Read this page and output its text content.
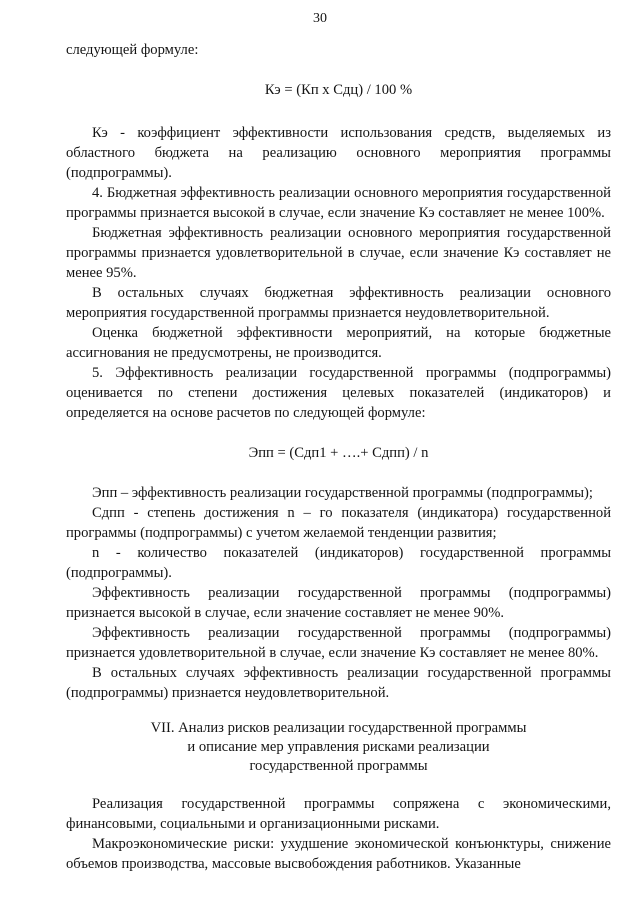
30

следующей формуле:

Кэ = (Кп х Сдц) / 100 %

Кэ - коэффициент эффективности использования средств, выделяемых из областного бюджета на реализацию основного мероприятия программы (подпрограммы).

4. Бюджетная эффективность реализации основного мероприятия государственной программы признается высокой в случае, если значение Кэ составляет не менее 100%.

Бюджетная эффективность реализации основного мероприятия государственной программы признается удовлетворительной в случае, если значение Кэ составляет не менее 95%.

В остальных случаях бюджетная эффективность реализации основного мероприятия государственной программы признается неудовлетворительной.

Оценка бюджетной эффективности мероприятий, на которые бюджетные ассигнования не предусмотрены, не производится.

5. Эффективность реализации государственной программы (подпрограммы) оценивается по степени достижения целевых показателей (индикаторов) и определяется на основе расчетов по следующей формуле:

Эпп = (Сдп1 + ….+ Сдпп) / n

Эпп – эффективность реализации государственной программы (подпрограммы);

Сдпп - степень достижения n – го показателя (индикатора) государственной программы (подпрограммы) с учетом желаемой тенденции развития;

n - количество показателей (индикаторов) государственной программы (подпрограммы).

Эффективность реализации государственной программы (подпрограммы) признается высокой в случае, если значение составляет не менее 90%.

Эффективность реализации государственной программы (подпрограммы) признается удовлетворительной в случае, если значение Кэ составляет не менее 80%.

В остальных случаях эффективность реализации государственной программы (подпрограммы) признается неудовлетворительной.

VII. Анализ рисков реализации государственной программы

и описание мер управления рисками реализации

государственной программы

Реализация государственной программы сопряжена с экономическими, финансовыми, социальными и организационными рисками.

Макроэкономические риски: ухудшение экономической конъюнктуры, снижение объемов производства, массовые высвобождения работников. Указанные
